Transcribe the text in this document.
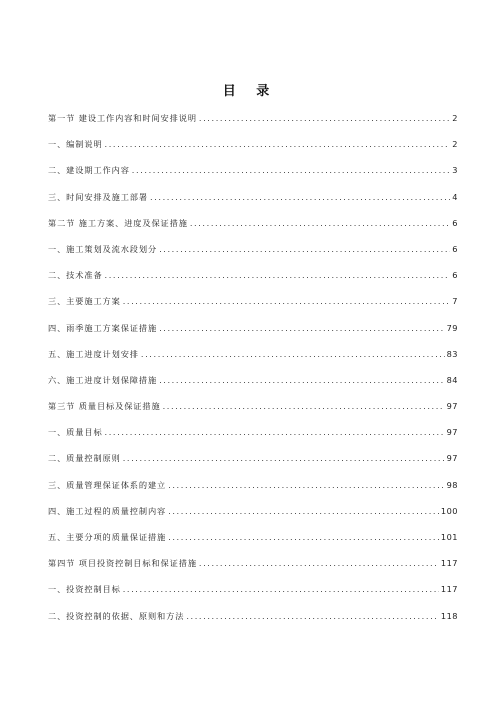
目 录
第一节 建设工作内容和时间安排说明 .....	2
一、编制说明 .....	2
二、建设期工作内容 .....	3
三、时间安排及施工部署 .....	4
第二节 施工方案、进度及保证措施 .....	6
一、施工策划及流水段划分 .....	6
二、技术准备 .....	6
三、主要施工方案 .....	7
四、雨季施工方案保证措施 .....	79
五、施工进度计划安排 .....	83
六、施工进度计划保障措施 .....	84
第三节 质量目标及保证措施 .....	97
一、质量目标 .....	97
二、质量控制原则 .....	97
三、质量管理保证体系的建立 .....	98
四、施工过程的质量控制内容 .....	100
五、主要分项的质量保证措施 .....	101
第四节 项目投资控制目标和保证措施 .....	117
一、投资控制目标 .....	117
二、投资控制的依据、原则和方法 .....	118
